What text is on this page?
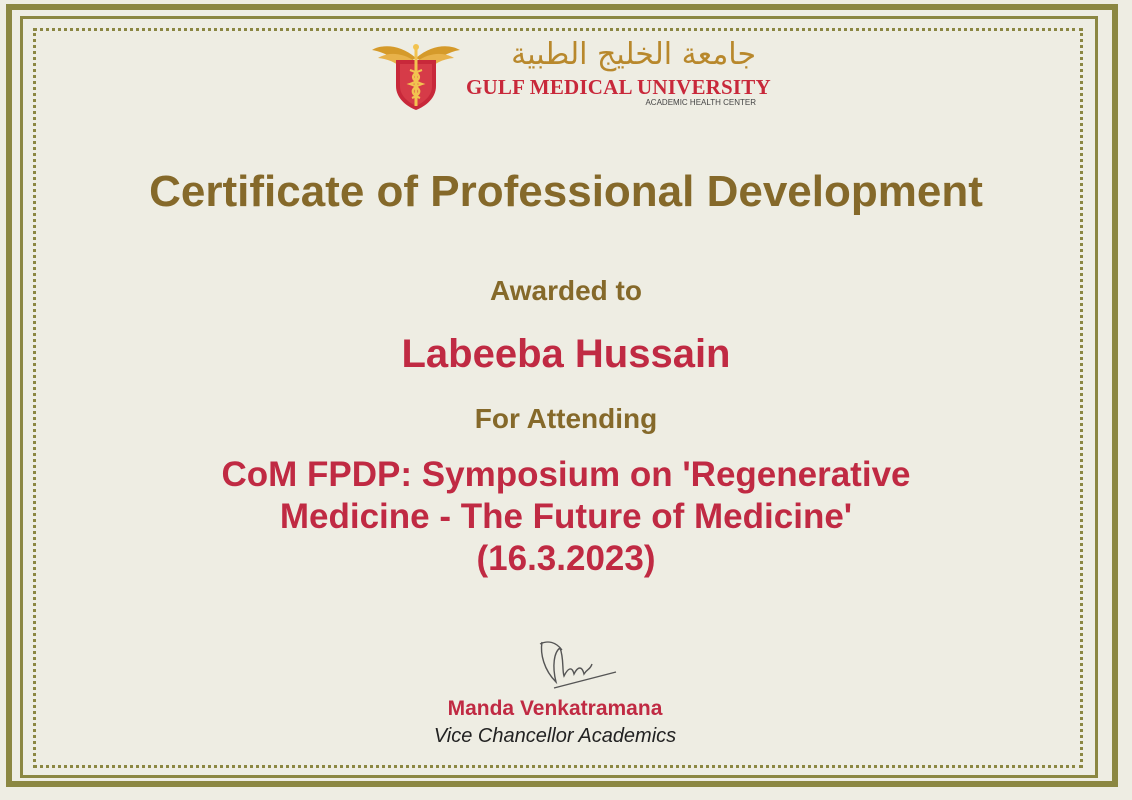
جامعة الخليج الطبية
GULF MEDICAL UNIVERSITY
ACADEMIC HEALTH CENTER
Certificate of Professional Development
Awarded to
Labeeba Hussain
For Attending
CoM FPDP: Symposium on 'Regenerative
Medicine - The Future of Medicine'
(16.3.2023)
Manda Venkatramana
Vice Chancellor Academics
